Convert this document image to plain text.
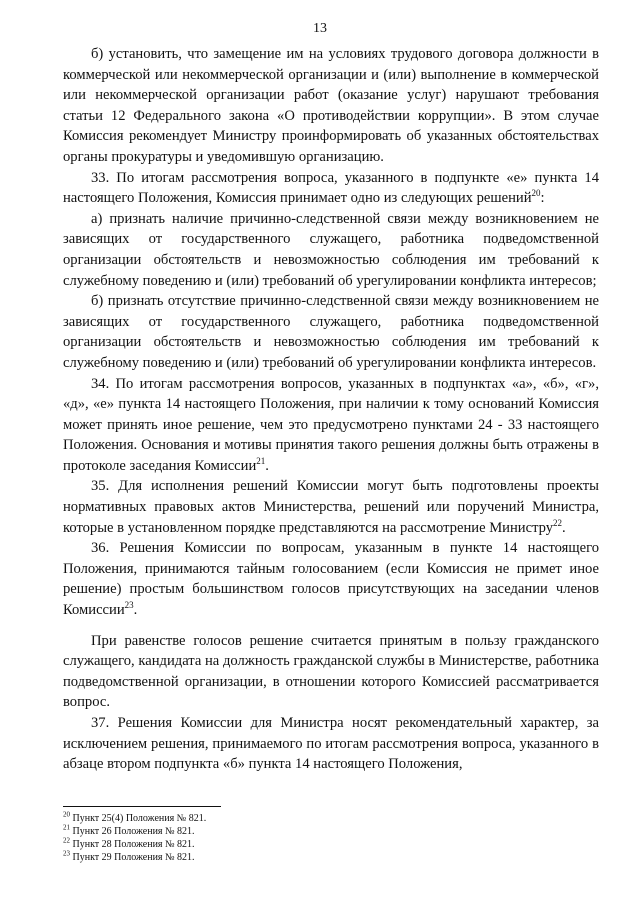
13

б) установить, что замещение им на условиях трудового договора должности в коммерческой или некоммерческой организации и (или) выполнение в коммерческой или некоммерческой организации работ (оказание услуг) нарушают требования статьи 12 Федерального закона «О противодействии коррупции». В этом случае Комиссия рекомендует Министру проинформировать об указанных обстоятельствах органы прокуратуры и уведомившую организацию.

33. По итогам рассмотрения вопроса, указанного в подпункте «е» пункта 14 настоящего Положения, Комиссия принимает одно из следующих решений$^{20}$:

а) признать наличие причинно-следственной связи между возникновением не зависящих от государственного служащего, работника подведомственной организации обстоятельств и невозможностью соблюдения им требований к служебному поведению и (или) требований об урегулировании конфликта интересов;

б) признать отсутствие причинно-следственной связи между возникновением не зависящих от государственного служащего, работника подведомственной организации обстоятельств и невозможностью соблюдения им требований к служебному поведению и (или) требований об урегулировании конфликта интересов.

34. По итогам рассмотрения вопросов, указанных в подпунктах «а», «б», «г», «д», «е» пункта 14 настоящего Положения, при наличии к тому оснований Комиссия может принять иное решение, чем это предусмотрено пунктами 24 - 33 настоящего Положения. Основания и мотивы принятия такого решения должны быть отражены в протоколе заседания Комиссии$^{21}$.

35. Для исполнения решений Комиссии могут быть подготовлены проекты нормативных правовых актов Министерства, решений или поручений Министра, которые в установленном порядке представляются на рассмотрение Министру$^{22}$.

36. Решения Комиссии по вопросам, указанным в пункте 14 настоящего Положения, принимаются тайным голосованием (если Комиссия не примет иное решение) простым большинством голосов присутствующих на заседании членов Комиссии$^{23}$.

При равенстве голосов решение считается принятым в пользу гражданского служащего, кандидата на должность гражданской службы в Министерстве, работника подведомственной организации, в отношении которого Комиссией рассматривается вопрос.

37. Решения Комиссии для Министра носят рекомендательный характер, за исключением решения, принимаемого по итогам рассмотрения вопроса, указанного в абзаце втором подпункта «б» пункта 14 настоящего Положения,

$^{20}$ Пункт 25(4) Положения № 821.
$^{21}$ Пункт 26 Положения № 821.
$^{22}$ Пункт 28 Положения № 821.
$^{23}$ Пункт 29 Положения № 821.
